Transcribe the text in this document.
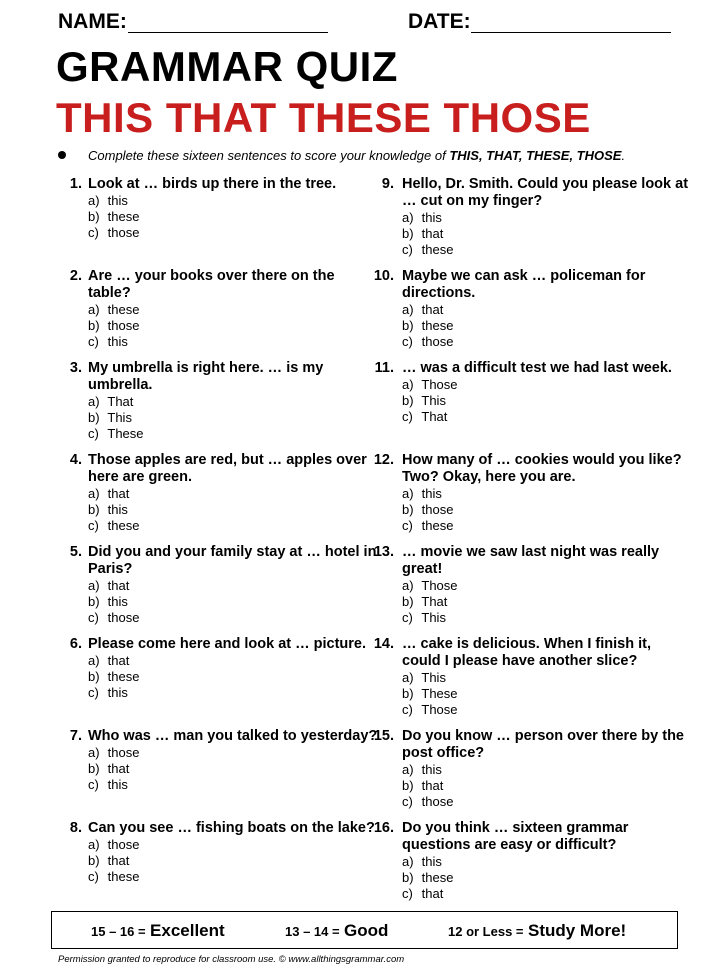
NAME:	DATE:
GRAMMAR QUIZ
THIS THAT THESE THOSE
Complete these sixteen sentences to score your knowledge of THIS, THAT, THESE, THOSE.
1. Look at … birds up there in the tree.
a) this
b) these
c) those
2. Are … your books over there on the table?
a) these
b) those
c) this
3. My umbrella is right here. … is my umbrella.
a) That
b) This
c) These
4. Those apples are red, but … apples over here are green.
a) that
b) this
c) these
5. Did you and your family stay at … hotel in Paris?
a) that
b) this
c) those
6. Please come here and look at … picture.
a) that
b) these
c) this
7. Who was … man you talked to yesterday?
a) those
b) that
c) this
8. Can you see … fishing boats on the lake?
a) those
b) that
c) these
9. Hello, Dr. Smith. Could you please look at … cut on my finger?
a) this
b) that
c) these
10. Maybe we can ask … policeman for directions.
a) that
b) these
c) those
11. … was a difficult test we had last week.
a) Those
b) This
c) That
12. How many of … cookies would you like? Two? Okay, here you are.
a) this
b) those
c) these
13. … movie we saw last night was really great!
a) Those
b) That
c) This
14. … cake is delicious. When I finish it, could I please have another slice?
a) This
b) These
c) Those
15. Do you know … person over there by the post office?
a) this
b) that
c) those
16. Do you think … sixteen grammar questions are easy or difficult?
a) this
b) these
c) that
15 – 16 = Excellent	13 – 14 = Good	12 or Less = Study More!
Permission granted to reproduce for classroom use. © www.allthingsgrammar.com
